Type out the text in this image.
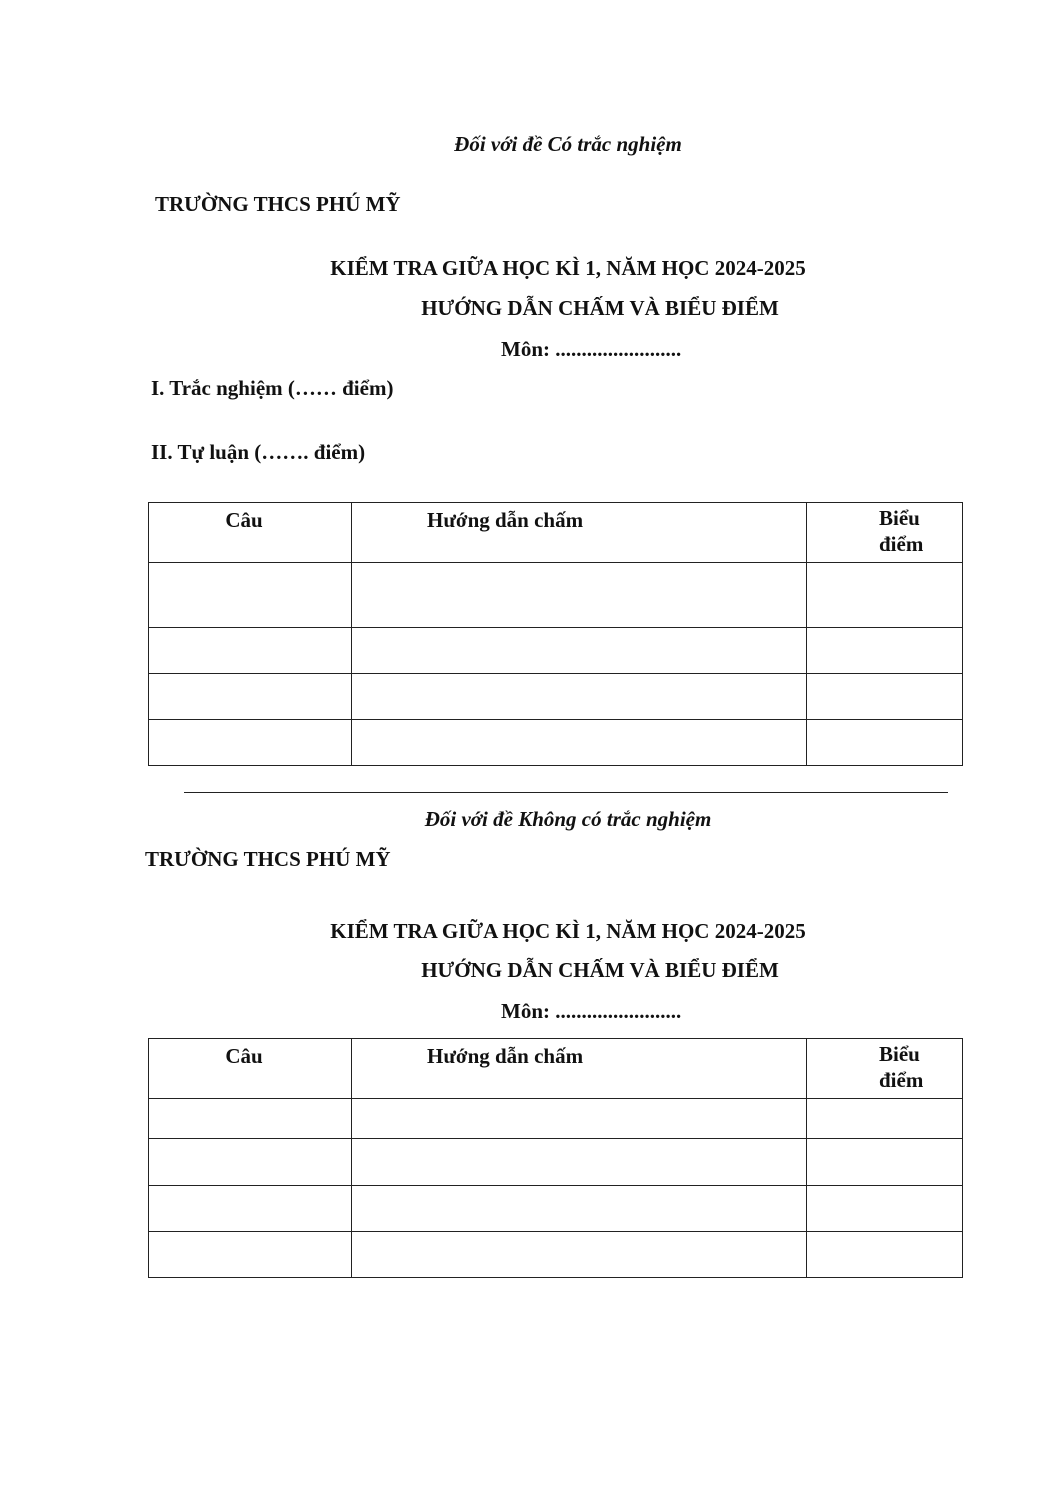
Đối với đề Có trắc nghiệm
TRƯỜNG THCS PHÚ MỸ
KIỂM TRA GIỮA HỌC KÌ 1, NĂM HỌC 2024-2025
HƯỚNG DẪN CHẤM VÀ BIỂU ĐIỂM
Môn: ........................
I. Trắc nghiệm (…… điểm)
II. Tự luận (……. điểm)
Câu	Hướng dẫn chấm	Biểu
điểm

Đối với đề Không có trắc nghiệm
TRƯỜNG THCS PHÚ MỸ
KIỂM TRA GIỮA HỌC KÌ 1, NĂM HỌC 2024-2025
HƯỚNG DẪN CHẤM VÀ BIỂU ĐIỂM
Môn: ........................
Câu	Hướng dẫn chấm	Biểu
điểm
